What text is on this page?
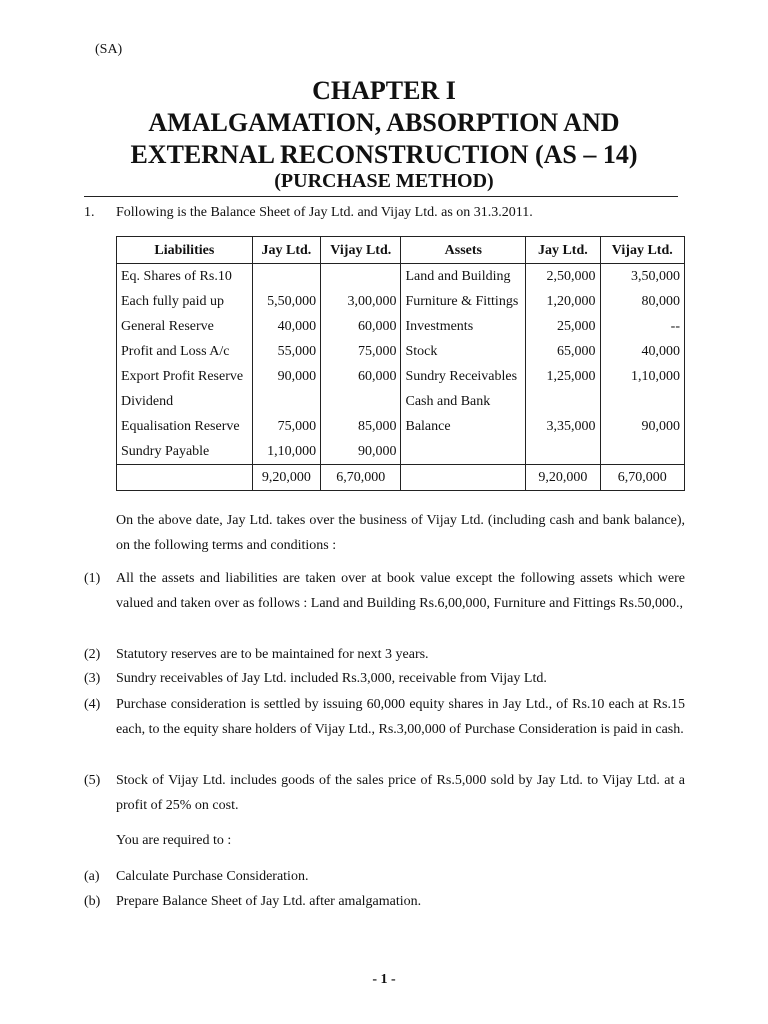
(SA)
CHAPTER I
AMALGAMATION, ABSORPTION AND
EXTERNAL RECONSTRUCTION (AS – 14)
(PURCHASE METHOD)
1. Following is the Balance Sheet of Jay Ltd. and Vijay Ltd. as on 31.3.2011.
Liabilities	Jay Ltd.	Vijay Ltd.	Assets	Jay Ltd.	Vijay Ltd.
Eq. Shares of Rs.10			Land and Building	2,50,000	3,50,000
Each fully paid up	5,50,000	3,00,000	Furniture & Fittings	1,20,000	80,000
General Reserve	40,000	60,000	Investments	25,000	--
Profit and Loss A/c	55,000	75,000	Stock	65,000	40,000
Export Profit Reserve	90,000	60,000	Sundry Receivables	1,25,000	1,10,000
Dividend			Cash and Bank		
Equalisation Reserve	75,000	85,000	Balance	3,35,000	90,000
Sundry Payable	1,10,000	90,000			
	9,20,000	6,70,000		9,20,000	6,70,000
On the above date, Jay Ltd. takes over the business of Vijay Ltd. (including cash and bank balance), on the following terms and conditions :
(1) All the assets and liabilities are taken over at book value except the following assets which were valued and taken over as follows : Land and Building Rs.6,00,000, Furniture and Fittings Rs.50,000.,
(2) Statutory reserves are to be maintained for next 3 years.
(3) Sundry receivables of Jay Ltd. included Rs.3,000, receivable from Vijay Ltd.
(4) Purchase consideration is settled by issuing 60,000 equity shares in Jay Ltd., of Rs.10 each at Rs.15 each, to the equity share holders of Vijay Ltd., Rs.3,00,000 of Purchase Consideration is paid in cash.
(5) Stock of Vijay Ltd. includes goods of the sales price of Rs.5,000 sold by Jay Ltd. to Vijay Ltd. at a profit of 25% on cost.
You are required to :
(a) Calculate Purchase Consideration.
(b) Prepare Balance Sheet of Jay Ltd. after amalgamation.
- 1 -
